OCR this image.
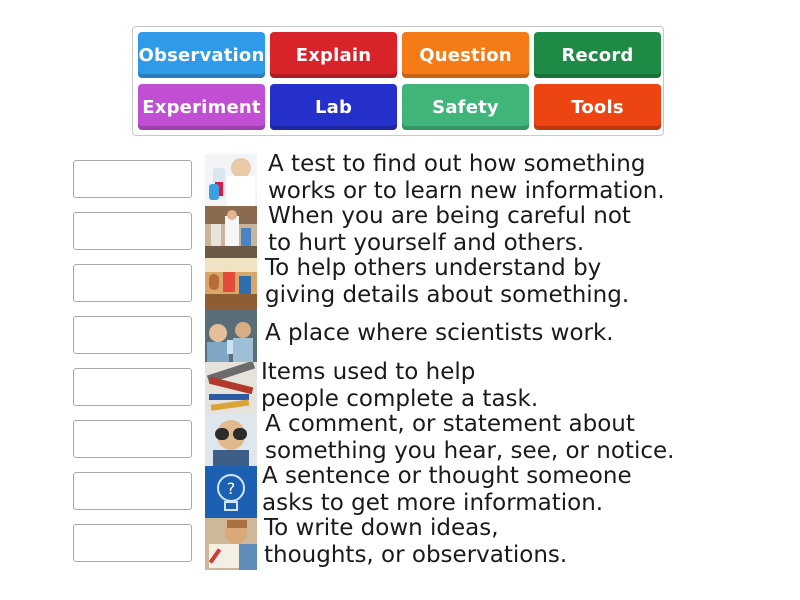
Observation	Explain	Question	Record
Experiment	Lab	Safety	Tools
A test to find out how something
works or to learn new information.
When you are being careful not
to hurt yourself and others.
To help others understand by
giving details about something.
A place where scientists work.
Items used to help
people complete a task.
A comment, or statement about
something you hear, see, or notice.
? A sentence or thought someone
asks to get more information.
To write down ideas,
thoughts, or observations.
